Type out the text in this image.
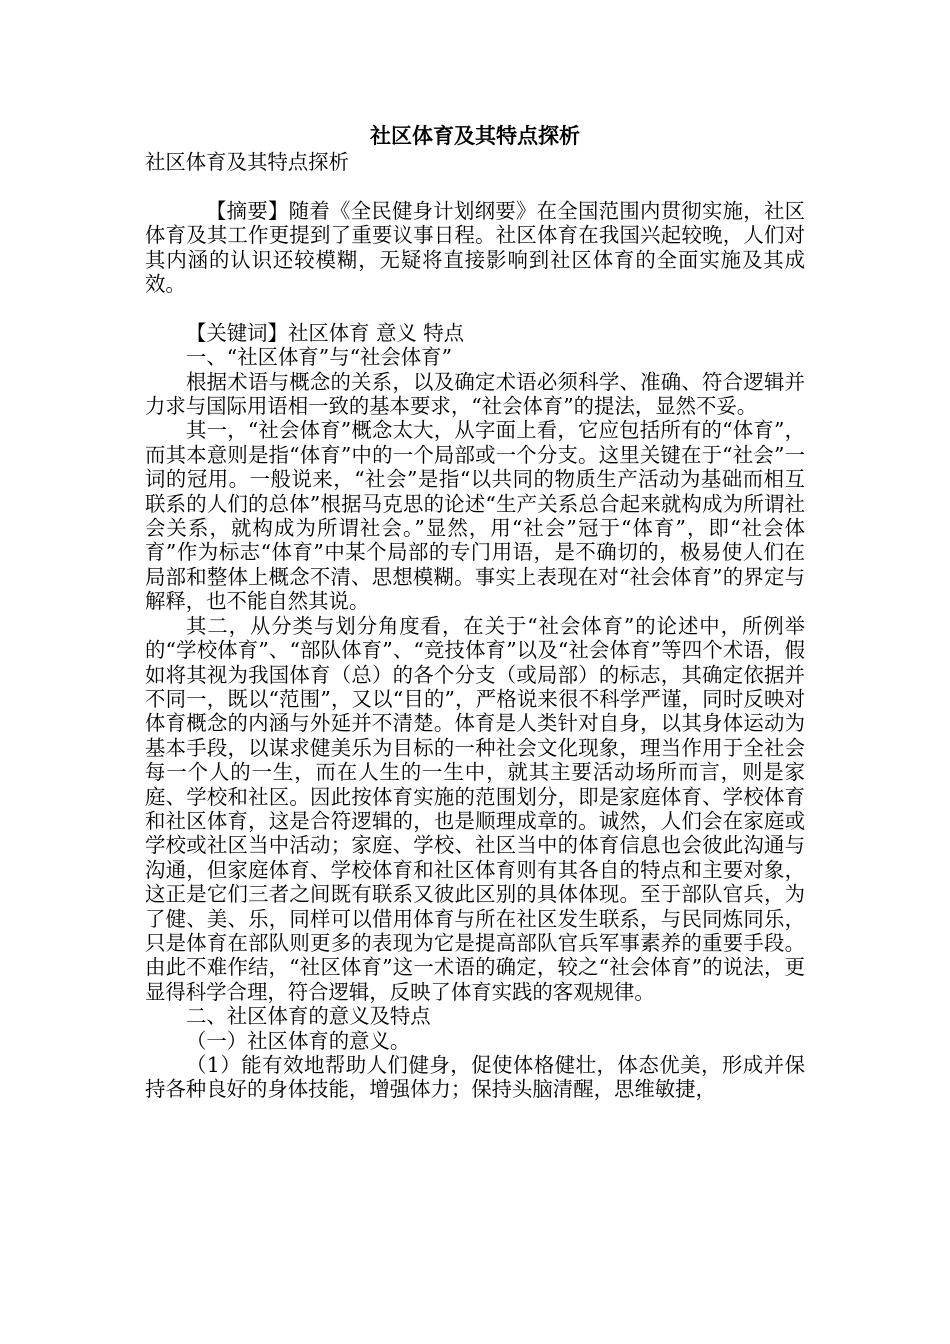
社区体育及其特点探析

社区体育及其特点探析

【摘要】随着《全民健身计划纲要》在全国范围内贯彻实施，社区体育及其工作更提到了重要议事日程。社区体育在我国兴起较晚，人们对其内涵的认识还较模糊，无疑将直接影响到社区体育的全面实施及其成效。

【关键词】社区体育 意义 特点

一、“社区体育”与“社会体育”

根据术语与概念的关系，以及确定术语必须科学、准确、符合逻辑并力求与国际用语相一致的基本要求，“社会体育”的提法，显然不妥。

其一，“社会体育”概念太大，从字面上看，它应包括所有的“体育”，而其本意则是指“体育”中的一个局部或一个分支。这里关键在于“社会”一词的冠用。一般说来，“社会”是指“以共同的物质生产活动为基础而相互联系的人们的总体”根据马克思的论述“生产关系总合起来就构成为所谓社会关系，就构成为所谓社会。”显然，用“社会”冠于“体育”，即“社会体育”作为标志“体育”中某个局部的专门用语，是不确切的，极易使人们在局部和整体上概念不清、思想模糊。事实上表现在对“社会体育”的界定与解释，也不能自然其说。

其二，从分类与划分角度看，在关于“社会体育”的论述中，所例举的“学校体育”、“部队体育”、“竞技体育”以及“社会体育”等四个术语，假如将其视为我国体育（总）的各个分支（或局部）的标志，其确定依据并不同一，既以“范围”，又以“目的”，严格说来很不科学严谨，同时反映对体育概念的内涵与外延并不清楚。体育是人类针对自身，以其身体运动为基本手段，以谋求健美乐为目标的一种社会文化现象，理当作用于全社会每一个人的一生，而在人生的一生中，就其主要活动场所而言，则是家庭、学校和社区。因此按体育实施的范围划分，即是家庭体育、学校体育和社区体育，这是合符逻辑的，也是顺理成章的。诚然，人们会在家庭或学校或社区当中活动；家庭、学校、社区当中的体育信息也会彼此沟通与沟通，但家庭体育、学校体育和社区体育则有其各自的特点和主要对象，这正是它们三者之间既有联系又彼此区别的具体体现。至于部队官兵，为了健、美、乐，同样可以借用体育与所在社区发生联系，与民同炼同乐，只是体育在部队则更多的表现为它是提高部队官兵军事素养的重要手段。由此不难作结，“社区体育”这一术语的确定，较之“社会体育”的说法，更显得科学合理，符合逻辑，反映了体育实践的客观规律。

二、社区体育的意义及特点

（一）社区体育的意义。

（1）能有效地帮助人们健身，促使体格健壮，体态优美，形成并保持各种良好的身体技能，增强体力；保持头脑清醒，思维敏捷，
